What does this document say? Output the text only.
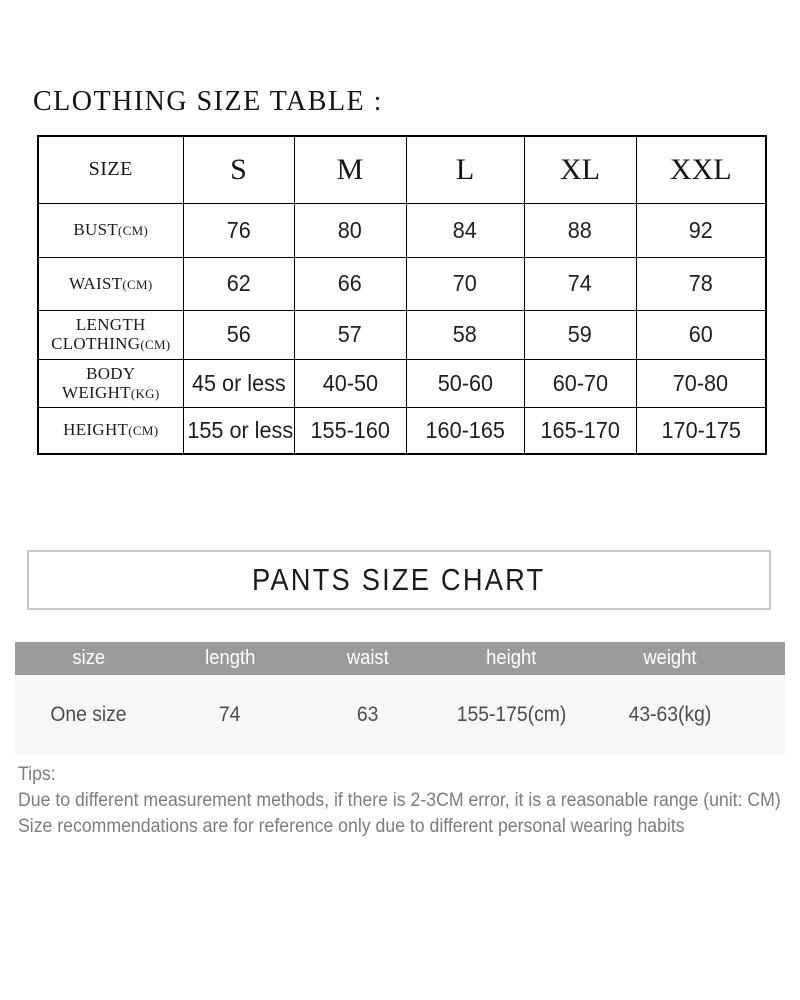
CLOTHING SIZE TABLE :
SIZE	S	M	L	XL	XXL

BUST(CM)	76	80	84	88	92

WAIST(CM)	62	66	70	74	78

LENGTH
CLOTHING(CM)	56	57	58	59	60

BODY
WEIGHT(KG)	45 or less	40-50	50-60	60-70	70-80

HEIGHT(CM)	155 or less	155-160	160-165	165-170	170-175
PANTS SIZE CHART
size	length	waist	height	weight
One size	74	63	155-175(cm)	43-63(kg)
Tips:
Due to different measurement methods, if there is 2-3CM error, it is a reasonable range (unit: CM)
Size recommendations are for reference only due to different personal wearing habits
